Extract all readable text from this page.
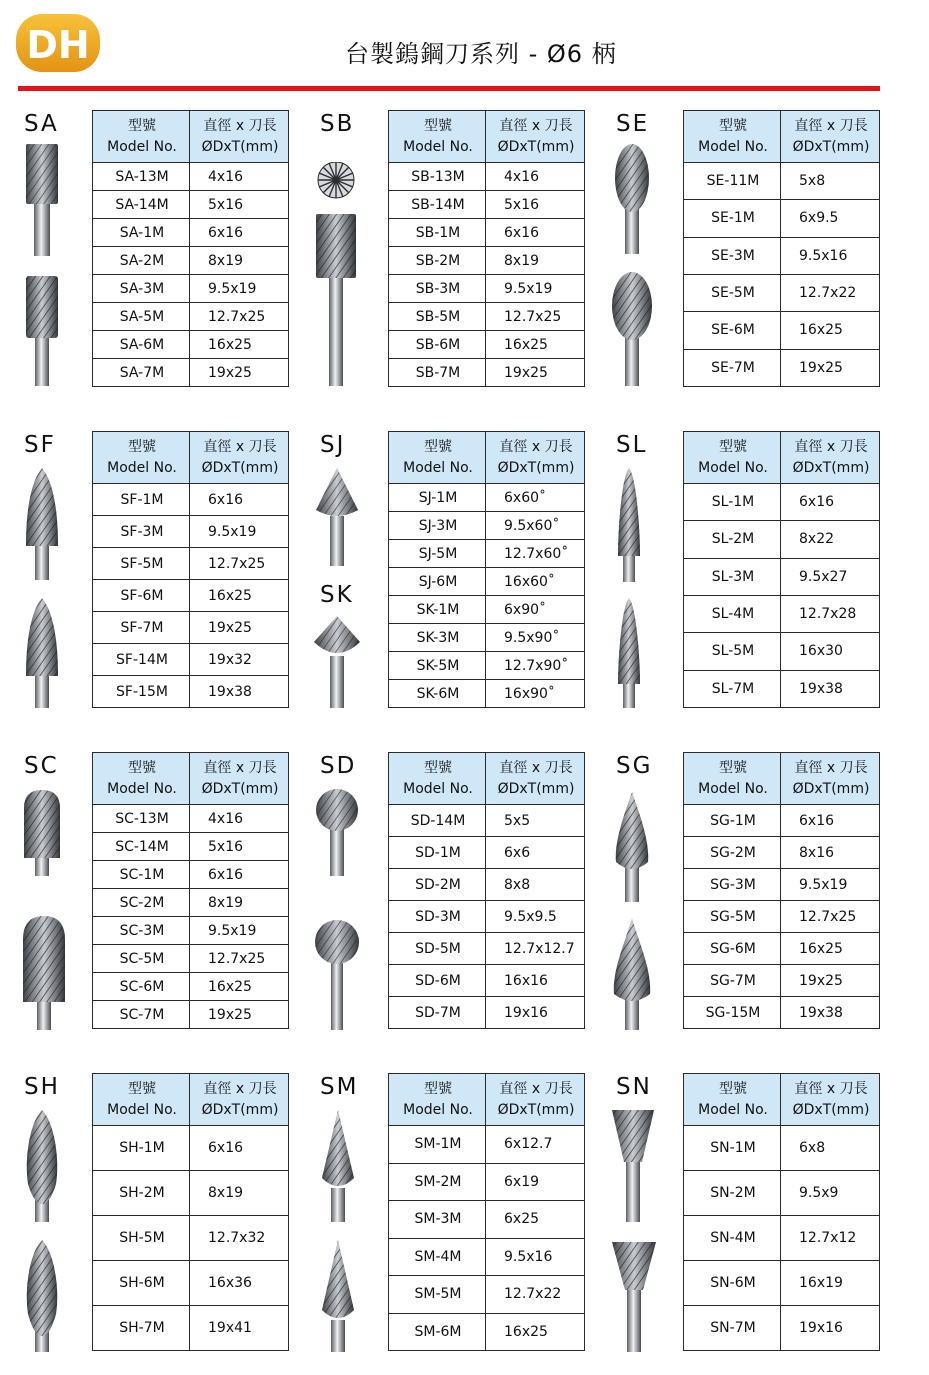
DH	台製鎢鋼刀系列 - Ø6 柄
SA	SB	SE
SF	SJ
SK
SL
SC	SD	SG
SH	SM	SN
型號
Model No.	直徑 x 刀長
ØDxT(mm)

SA-13M	4x16
SA-14M	5x16
SA-1M	6x16
SA-2M	8x19
SA-3M	9.5x19
SA-5M	12.7x25
SA-6M	16x25
SA-7M	19x25
型號
Model No.	直徑 x 刀長
ØDxT(mm)

SB-13M	4x16
SB-14M	5x16
SB-1M	6x16
SB-2M	8x19
SB-3M	9.5x19
SB-5M	12.7x25
SB-6M	16x25
SB-7M	19x25
型號
Model No.	直徑 x 刀長
ØDxT(mm)

SE-11M	5x8
SE-1M	6x9.5
SE-3M	9.5x16
SE-5M	12.7x22
SE-6M	16x25
SE-7M	19x25
型號
Model No.	直徑 x 刀長
ØDxT(mm)

SF-1M	6x16
SF-3M	9.5x19
SF-5M	12.7x25
SF-6M	16x25
SF-7M	19x25
SF-14M	19x32
SF-15M	19x38
型號
Model No.	直徑 x 刀長
ØDxT(mm)

SJ-1M	6x60˚
SJ-3M	9.5x60˚
SJ-5M	12.7x60˚
SJ-6M	16x60˚
SK-1M	6x90˚
SK-3M	9.5x90˚
SK-5M	12.7x90˚
SK-6M	16x90˚
型號
Model No.	直徑 x 刀長
ØDxT(mm)

SL-1M	6x16
SL-2M	8x22
SL-3M	9.5x27
SL-4M	12.7x28
SL-5M	16x30
SL-7M	19x38
型號
Model No.	直徑 x 刀長
ØDxT(mm)

SC-13M	4x16
SC-14M	5x16
SC-1M	6x16
SC-2M	8x19
SC-3M	9.5x19
SC-5M	12.7x25
SC-6M	16x25
SC-7M	19x25
型號
Model No.	直徑 x 刀長
ØDxT(mm)

SD-14M	5x5
SD-1M	6x6
SD-2M	8x8
SD-3M	9.5x9.5
SD-5M	12.7x12.7
SD-6M	16x16
SD-7M	19x16
型號
Model No.	直徑 x 刀長
ØDxT(mm)

SG-1M	6x16
SG-2M	8x16
SG-3M	9.5x19
SG-5M	12.7x25
SG-6M	16x25
SG-7M	19x25
SG-15M	19x38
型號
Model No.	直徑 x 刀長
ØDxT(mm)

SH-1M	6x16
SH-2M	8x19
SH-5M	12.7x32
SH-6M	16x36
SH-7M	19x41
型號
Model No.	直徑 x 刀長
ØDxT(mm)

SM-1M	6x12.7
SM-2M	6x19
SM-3M	6x25
SM-4M	9.5x16
SM-5M	12.7x22
SM-6M	16x25
型號
Model No.	直徑 x 刀長
ØDxT(mm)

SN-1M	6x8
SN-2M	9.5x9
SN-4M	12.7x12
SN-6M	16x19
SN-7M	19x16
